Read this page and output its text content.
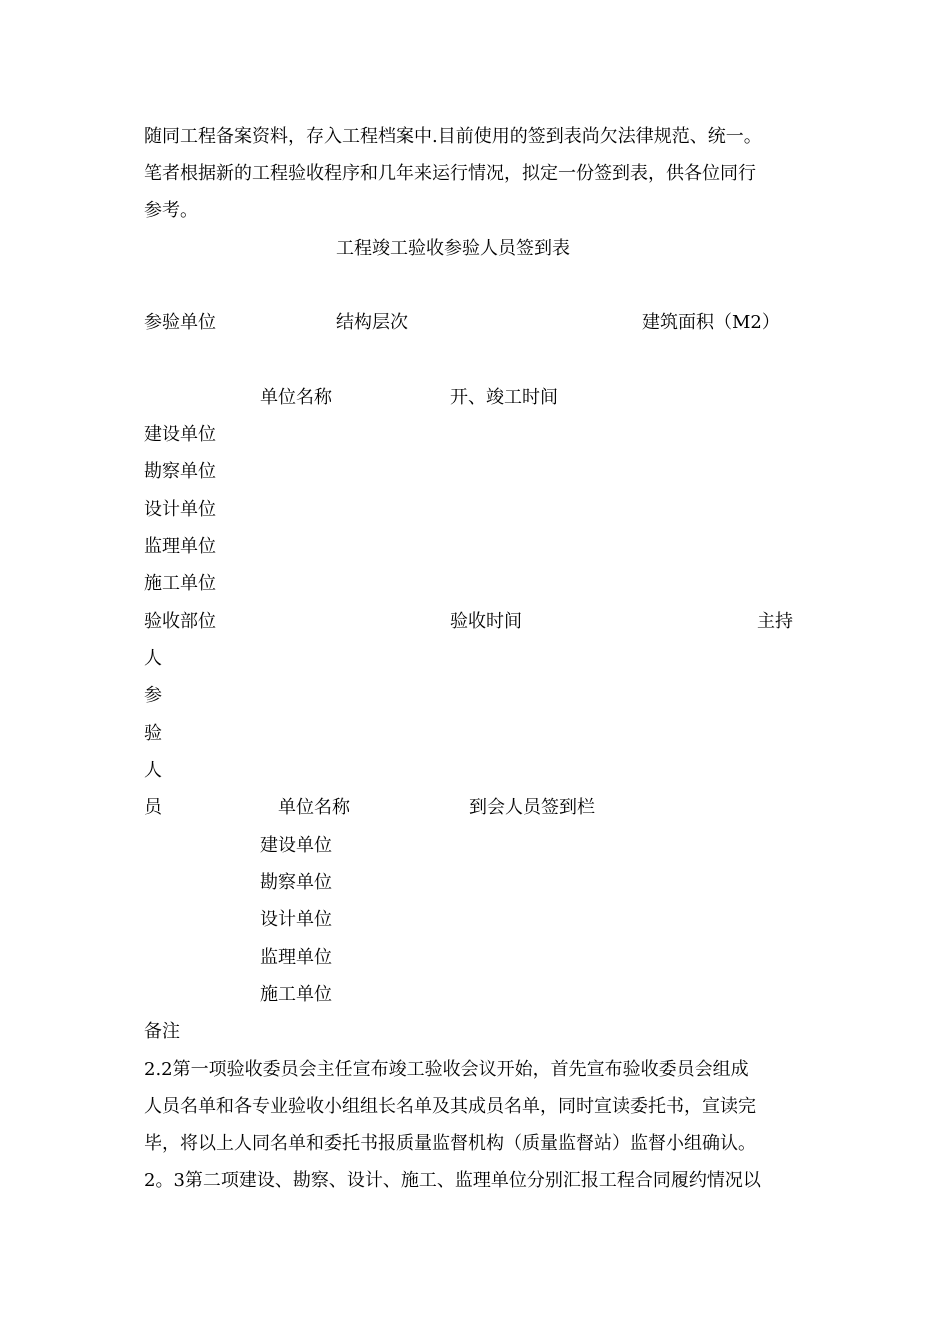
随同工程备案资料，存入工程档案中.目前使用的签到表尚欠法律规范、统一。
笔者根据新的工程验收程序和几年来运行情况，拟定一份签到表，供各位同行
参考。
工程竣工验收参验人员签到表
参验单位	结构层次	建筑面积（M2）
单位名称	开、竣工时间
建设单位
勘察单位
设计单位
监理单位
施工单位
验收部位	验收时间	主持
人
参
验
人
员	单位名称	到会人员签到栏
建设单位
勘察单位
设计单位
监理单位
施工单位
备注
2.2第一项验收委员会主任宣布竣工验收会议开始，首先宣布验收委员会组成
人员名单和各专业验收小组组长名单及其成员名单，同时宣读委托书，宣读完
毕，将以上人同名单和委托书报质量监督机构（质量监督站）监督小组确认。
2。3第二项建设、勘察、设计、施工、监理单位分别汇报工程合同履约情况以
